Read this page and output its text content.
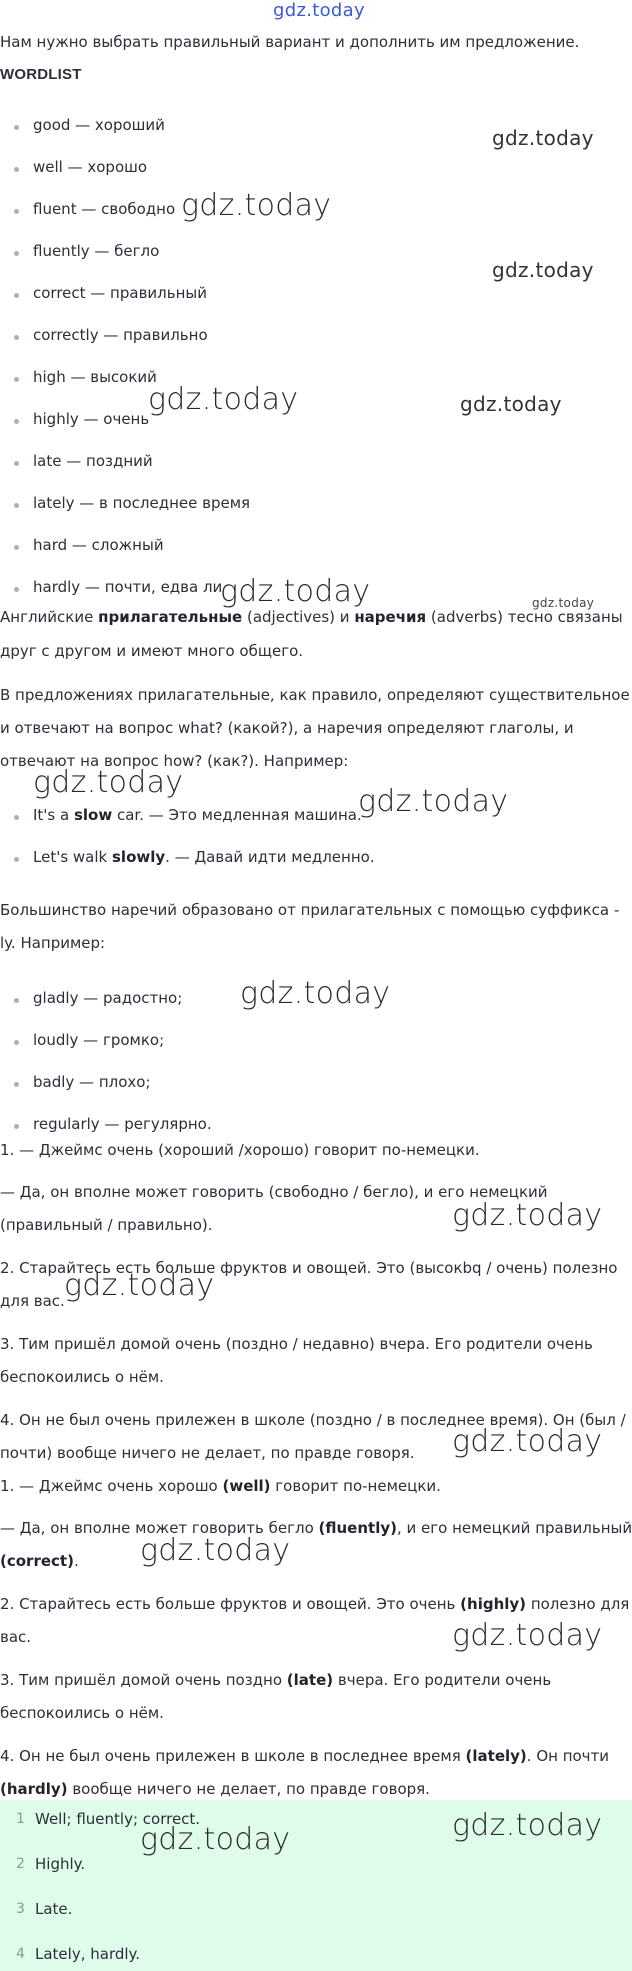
gdz.today
Нам нужно выбрать правильный вариант и дополнить им предложение.
WORDLIST
good — хороший
well — хорошо
fluent — свободно
fluently — бегло
correct — правильный
correctly — правильно
high — высокий
highly — очень
late — поздний
lately — в последнее время
hard — сложный
hardly — почти, едва ли
Английские прилагательные (adjectives) и наречия (adverbs) тесно связаны
друг с другом и имеют много общего.
В предложениях прилагательные, как правило, определяют существительное
и отвечают на вопрос what? (какой?), а наречия определяют глаголы, и
отвечают на вопрос how? (как?). Например:
It's a slow car. — Это медленная машина.
Let's walk slowly. — Давай идти медленно.
Большинство наречий образовано от прилагательных с помощью суффикса -
ly. Например:
gladly — радостно;
loudly — громко;
badly — плохо;
regularly — регулярно.
1. — Джеймс очень (хороший /хорошо) говорит по-немецки.
— Да, он вполне может говорить (свободно / бегло), и его немецкий
(правильный / правильно).
2. Старайтесь есть больше фруктов и овощей. Это (высокbq / очень) полезно
для вас.
3. Тим пришёл домой очень (поздно / недавно) вчера. Его родители очень
беспокоились о нём.
4. Он не был очень прилежен в школе (поздно / в последнее время). Он (был /
почти) вообще ничего не делает, по правде говоря.
1. — Джеймс очень хорошо (well) говорит по-немецки.
— Да, он вполне может говорить бегло (fluently), и его немецкий правильный
(correct).
2. Старайтесь есть больше фруктов и овощей. Это очень (highly) полезно для
вас.
3. Тим пришёл домой очень поздно (late) вчера. Его родители очень
беспокоились о нём.
4. Он не был очень прилежен в школе в последнее время (lately). Он почти
(hardly) вообще ничего не делает, по правде говоря.
1 Well; fluently; correct.
2 Highly.
3 Late.
4 Lately, hardly.
gdz.today
gdz.today
gdz.today
gdz.today	gdz.today
gdz.today	gdz.today
gdz.today
gdz.today
gdz.today
gdz.today
gdz.today
gdz.today
gdz.today
gdz.today
gdz.today
gdz.today
